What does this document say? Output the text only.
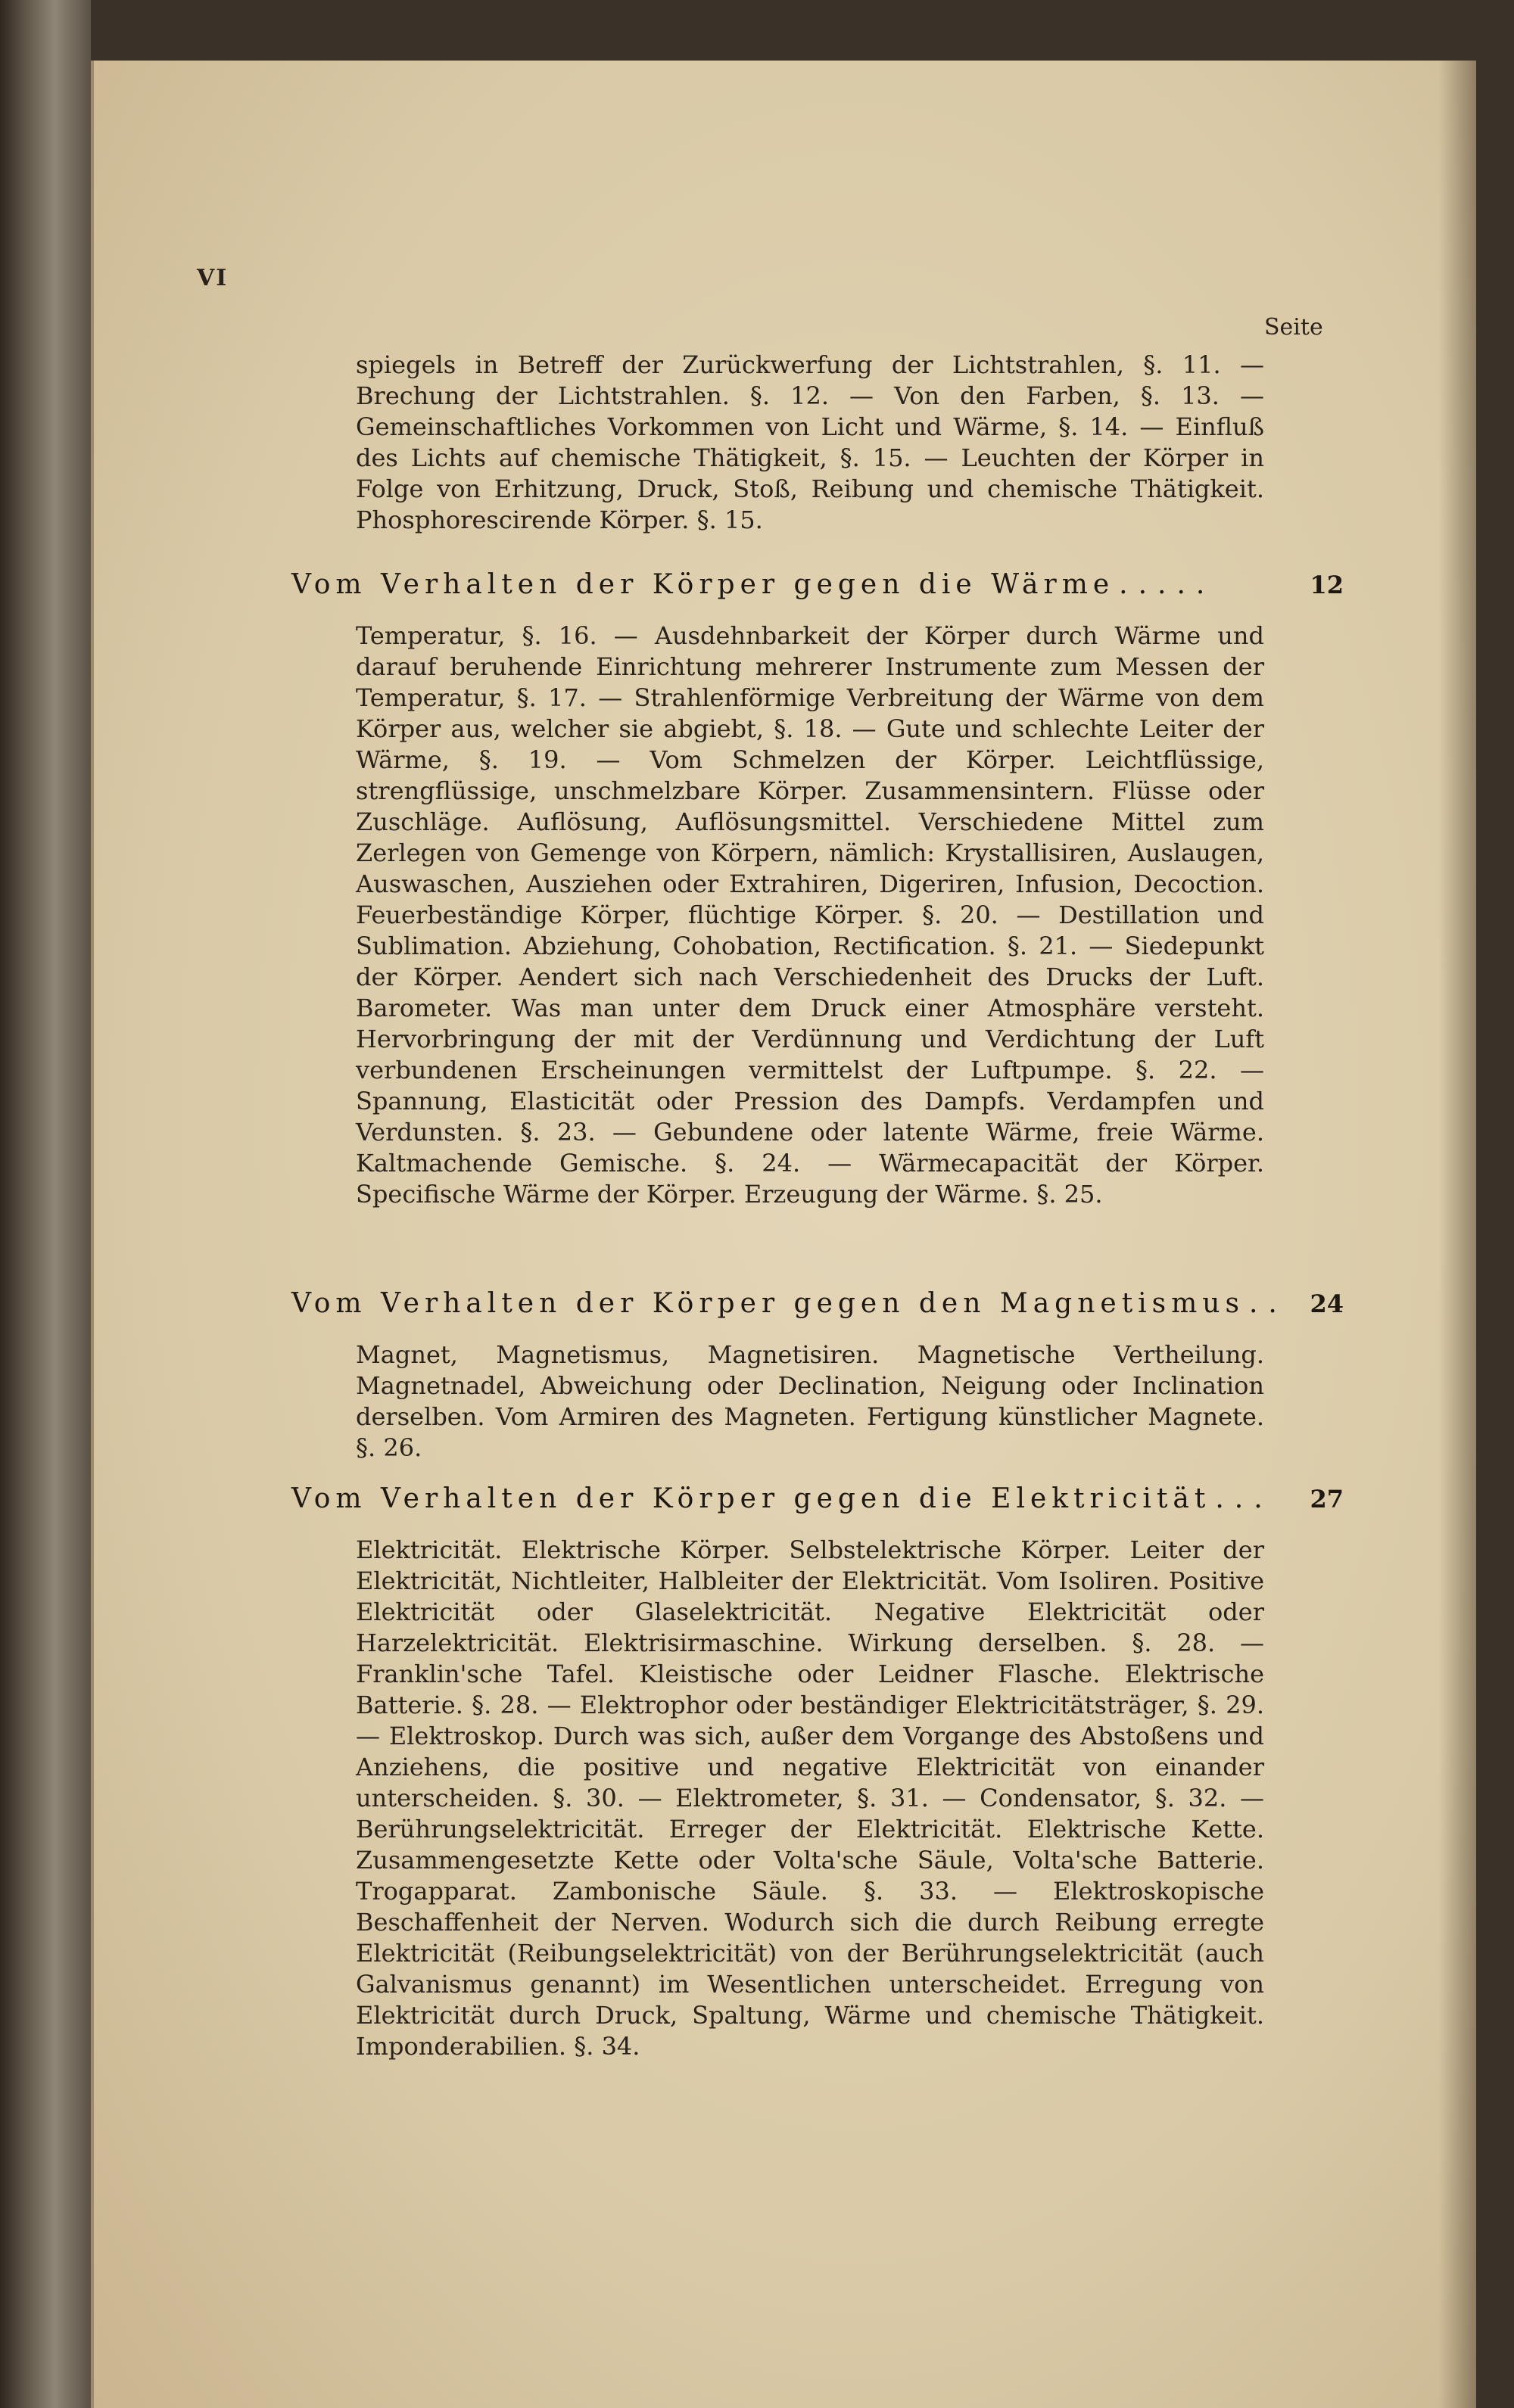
VI
Seite

spiegels in Betreff der Zurückwerfung der Lichtstrahlen, §. 11. — Brechung der Lichtstrahlen. §. 12. — Von den Farben, §. 13. — Gemeinschaftliches Vorkommen von Licht und Wärme, §. 14. — Einfluß des Lichts auf chemische Thätigkeit, §. 15. — Leuchten der Körper in Folge von Erhitzung, Druck, Stoß, Reibung und chemische Thätigkeit. Phosphorescirende Körper. §. 15.

Vom Verhalten der Körper gegen die Wärme .....	12

Temperatur, §. 16. — Ausdehnbarkeit der Körper durch Wärme und darauf beruhende Einrichtung mehrerer Instrumente zum Messen der Temperatur, §. 17. — Strahlenförmige Verbreitung der Wärme von dem Körper aus, welcher sie abgiebt, §. 18. — Gute und schlechte Leiter der Wärme, §. 19. — Vom Schmelzen der Körper. Leichtflüssige, strengflüssige, unschmelzbare Körper. Zusammensintern. Flüsse oder Zuschläge. Auflösung, Auflösungsmittel. Verschiedene Mittel zum Zerlegen von Gemenge von Körpern, nämlich: Krystallisiren, Auslaugen, Auswaschen, Ausziehen oder Extrahiren, Digeriren, Infusion, Decoction. Feuerbeständige Körper, flüchtige Körper. §. 20. — Destillation und Sublimation. Abziehung, Cohobation, Rectification. §. 21. — Siedepunkt der Körper. Aendert sich nach Verschiedenheit des Drucks der Luft. Barometer. Was man unter dem Druck einer Atmosphäre versteht. Hervorbringung der mit der Verdünnung und Verdichtung der Luft verbundenen Erscheinungen vermittelst der Luftpumpe. §. 22. — Spannung, Elasticität oder Pression des Dampfs. Verdampfen und Verdunsten. §. 23. — Gebundene oder latente Wärme, freie Wärme. Kaltmachende Gemische. §. 24. — Wärmecapacität der Körper. Specifische Wärme der Körper. Erzeugung der Wärme. §. 25.

Vom Verhalten der Körper gegen den Magnetismus .. 24

Magnet, Magnetismus, Magnetisiren. Magnetische Vertheilung. Magnetnadel, Abweichung oder Declination, Neigung oder Inclination derselben. Vom Armiren des Magneten. Fertigung künstlicher Magnete. §. 26.

Vom Verhalten der Körper gegen die Elektricität ...	27

Elektricität. Elektrische Körper. Selbstelektrische Körper. Leiter der Elektricität, Nichtleiter, Halbleiter der Elektricität. Vom Isoliren. Positive Elektricität oder Glaselektricität. Negative Elektricität oder Harzelektricität. Elektrisirmaschine. Wirkung derselben. §. 28. — Franklin'sche Tafel. Kleistische oder Leidner Flasche. Elektrische Batterie. §. 28. — Elektrophor oder beständiger Elektricitätsträger, §. 29. — Elektroskop. Durch was sich, außer dem Vorgange des Abstoßens und Anziehens, die positive und negative Elektricität von einander unterscheiden. §. 30. — Elektrometer, §. 31. — Condensator, §. 32. — Berührungselektricität. Erreger der Elektricität. Elektrische Kette. Zusammengesetzte Kette oder Volta'sche Säule, Volta'sche Batterie. Trogapparat. Zambonische Säule. §. 33. — Elektroskopische Beschaffenheit der Nerven. Wodurch sich die durch Reibung erregte Elektricität (Reibungselektricität) von der Berührungselektricität (auch Galvanismus genannt) im Wesentlichen unterscheidet. Erregung von Elektricität durch Druck, Spaltung, Wärme und chemische Thätigkeit. Imponderabilien. §. 34.
